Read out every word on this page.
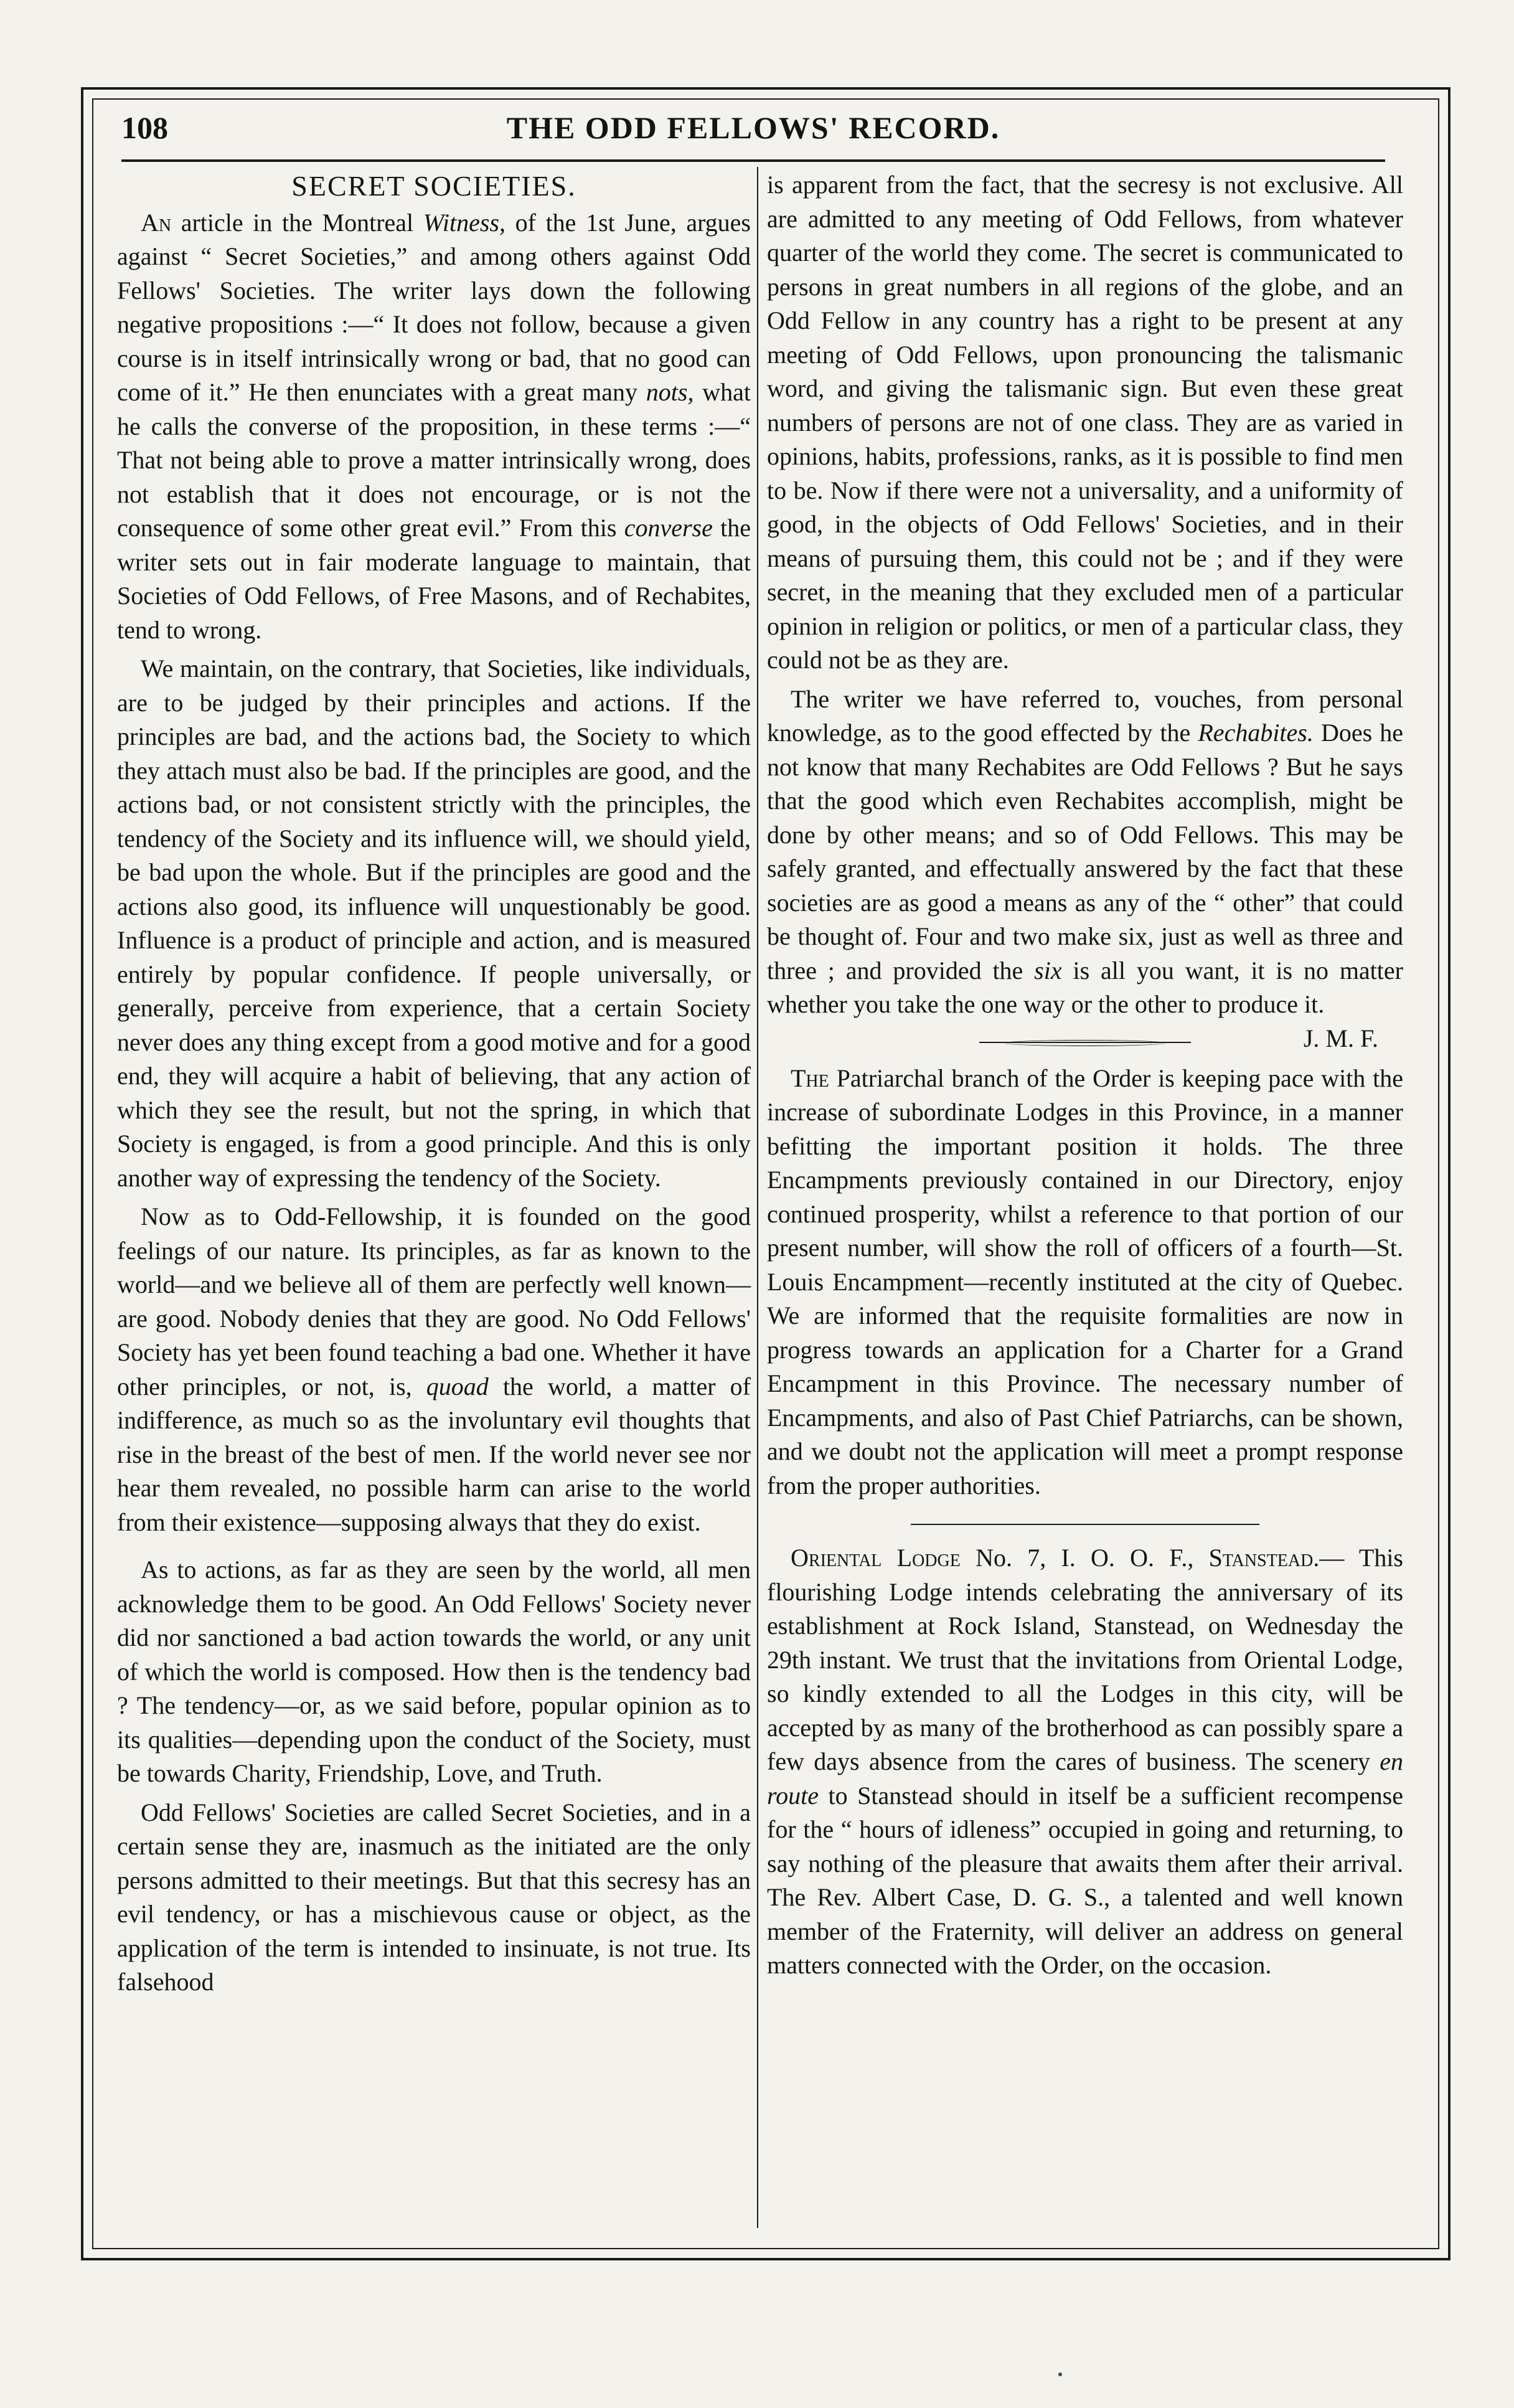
108	THE ODD FELLOWS' RECORD.
SECRET SOCIETIES.

An article in the Montreal Witness, of the 1st June, argues against “ Secret Societies,” and among others against Odd Fellows' Societies. The writer lays down the following negative propositions :—“ It does not follow, because a given course is in itself intrinsically wrong or bad, that no good can come of it.” He then enunciates with a great many nots, what he calls the converse of the proposition, in these terms :—“ That not being able to prove a matter intrinsically wrong, does not establish that it does not encourage, or is not the consequence of some other great evil.” From this converse the writer sets out in fair moderate language to maintain, that Societies of Odd Fellows, of Free Masons, and of Rechabites, tend to wrong.

We maintain, on the contrary, that Societies, like individuals, are to be judged by their principles and actions. If the principles are bad, and the actions bad, the Society to which they attach must also be bad. If the principles are good, and the actions bad, or not consistent strictly with the principles, the tendency of the Society and its influence will, we should yield, be bad upon the whole. But if the principles are good and the actions also good, its influence will unquestionably be good. Influence is a product of principle and action, and is measured entirely by popular confidence. If people universally, or generally, perceive from experience, that a certain Society never does any thing except from a good motive and for a good end, they will acquire a habit of believing, that any action of which they see the result, but not the spring, in which that Society is engaged, is from a good principle. And this is only another way of expressing the tendency of the Society.

Now as to Odd-Fellowship, it is founded on the good feelings of our nature. Its principles, as far as known to the world—and we believe all of them are perfectly well known—are good. Nobody denies that they are good. No Odd Fellows' Society has yet been found teaching a bad one. Whether it have other principles, or not, is, quoad the world, a matter of indifference, as much so as the involuntary evil thoughts that rise in the breast of the best of men. If the world never see nor hear them revealed, no possible harm can arise to the world from their existence—supposing always that they do exist.

As to actions, as far as they are seen by the world, all men acknowledge them to be good. An Odd Fellows' Society never did nor sanctioned a bad action towards the world, or any unit of which the world is composed. How then is the tendency bad ? The tendency—or, as we said before, popular opinion as to its qualities—depending upon the conduct of the Society, must be towards Charity, Friendship, Love, and Truth.

Odd Fellows' Societies are called Secret Societies, and in a certain sense they are, inasmuch as the initiated are the only persons admitted to their meetings. But that this secresy has an evil tendency, or has a mischievous cause or object, as the application of the term is intended to insinuate, is not true. Its falsehood

is apparent from the fact, that the secresy is not exclusive. All are admitted to any meeting of Odd Fellows, from whatever quarter of the world they come. The secret is communicated to persons in great numbers in all regions of the globe, and an Odd Fellow in any country has a right to be present at any meeting of Odd Fellows, upon pronouncing the talismanic word, and giving the talismanic sign. But even these great numbers of persons are not of one class. They are as varied in opinions, habits, professions, ranks, as it is possible to find men to be. Now if there were not a universality, and a uniformity of good, in the objects of Odd Fellows' Societies, and in their means of pursuing them, this could not be ; and if they were secret, in the meaning that they excluded men of a particular opinion in religion or politics, or men of a particular class, they could not be as they are.

The writer we have referred to, vouches, from personal knowledge, as to the good effected by the Rechabites. Does he not know that many Rechabites are Odd Fellows ? But he says that the good which even Rechabites accomplish, might be done by other means; and so of Odd Fellows. This may be safely granted, and effectually answered by the fact that these societies are as good a means as any of the “ other” that could be thought of. Four and two make six, just as well as three and three ; and provided the six is all you want, it is no matter whether you take the one way or the other to produce it.
J. M. F.

The Patriarchal branch of the Order is keeping pace with the increase of subordinate Lodges in this Province, in a manner befitting the important position it holds. The three Encampments previously contained in our Directory, enjoy continued prosperity, whilst a reference to that portion of our present number, will show the roll of officers of a fourth—St. Louis Encampment—recently instituted at the city of Quebec. We are informed that the requisite formalities are now in progress towards an application for a Charter for a Grand Encampment in this Province. The necessary number of Encampments, and also of Past Chief Patriarchs, can be shown, and we doubt not the application will meet a prompt response from the proper authorities.

Oriental Lodge No. 7, I. O. O. F., Stanstead.— This flourishing Lodge intends celebrating the anniversary of its establishment at Rock Island, Stanstead, on Wednesday the 29th instant. We trust that the invitations from Oriental Lodge, so kindly extended to all the Lodges in this city, will be accepted by as many of the brotherhood as can possibly spare a few days absence from the cares of business. The scenery en route to Stanstead should in itself be a sufficient recompense for the “ hours of idleness” occupied in going and returning, to say nothing of the pleasure that awaits them after their arrival. The Rev. Albert Case, D. G. S., a talented and well known member of the Fraternity, will deliver an address on general matters connected with the Order, on the occasion.
